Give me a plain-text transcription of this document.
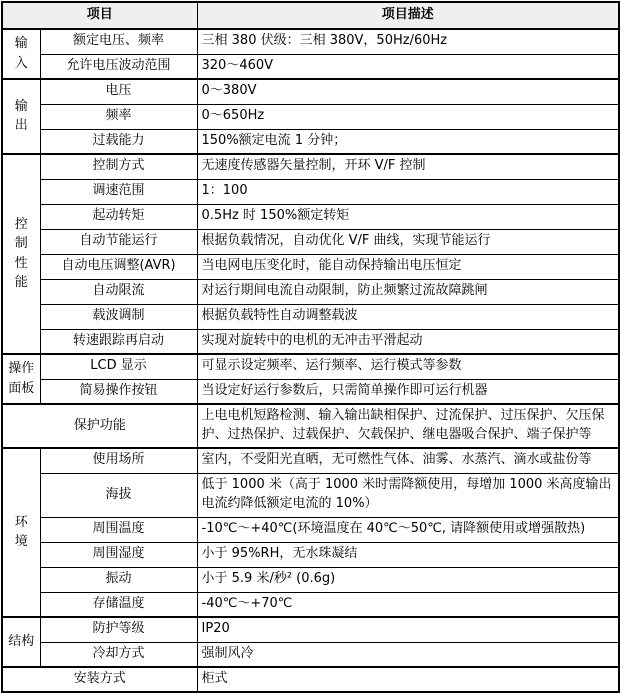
项目		项目描述
输入	额定电压、频率	三相 380 伏级：三相 380V，50Hz/60Hz
	允许电压波动范围	320～460V
输出	电压	0～380V
	频率	0～650Hz
	过载能力	150%额定电流 1 分钟；
控制性能	控制方式	无速度传感器矢量控制，开环 V/F 控制
	调速范围	1：100
	起动转矩	0.5Hz 时 150%额定转矩
	自动节能运行	根据负载情况，自动优化 V/F 曲线，实现节能运行
	自动电压调整(AVR)	当电网电压变化时，能自动保持输出电压恒定
	自动限流	对运行期间电流自动限制，防止频繁过流故障跳闸
	载波调制	根据负载特性自动调整载波
	转速跟踪再启动	实现对旋转中的电机的无冲击平滑起动
操作面板	LCD 显示	可显示设定频率、运行频率、运行模式等参数
	简易操作按钮	当设定好运行参数后，只需简单操作即可运行机器
保护功能		上电电机短路检测、输入输出缺相保护、过流保护、过压保护、欠压保护、过热保护、过载保护、欠载保护、继电器吸合保护、端子保护等
环境	使用场所	室内，不受阳光直晒，无可燃性气体、油雾、水蒸汽、滴水或盐份等
	海拔	低于 1000 米（高于 1000 米时需降额使用，每增加 1000 米高度输出电流约降低额定电流的 10%）
	周围温度	-10℃～+40℃(环境温度在 40℃～50℃, 请降额使用或增强散热)
	周围湿度	小于 95%RH，无水珠凝结
	振动	小于 5.9 米/秒² (0.6g)
	存储温度	-40℃～+70℃
结构	防护等级	IP20
	冷却方式	强制风冷
安装方式		柜式
